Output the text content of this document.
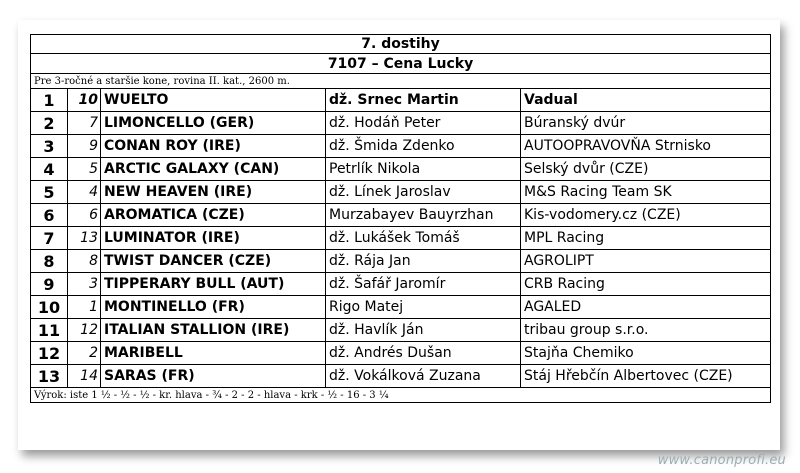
7. dostihy				
7107 – Cena Lucky				
Pre 3-ročné a staršie kone, rovina II. kat., 2600 m.				
1	10	WUELTO	dž. Srnec Martin	Vadual
2	7	LIMONCELLO (GER)	dž. Hodáň Peter	Búranský dvúr
3	9	CONAN ROY (IRE)	dž. Šmida Zdenko	AUTOOPRAVOVŇA Strnisko
4	5	ARCTIC GALAXY (CAN)	Petrlík Nikola	Selský dvůr (CZE)
5	4	NEW HEAVEN (IRE)	dž. Línek Jaroslav	M&S Racing Team SK
6	6	AROMATICA (CZE)	Murzabayev Bauyrzhan	Kis-vodomery.cz (CZE)
7	13	LUMINATOR (IRE)	dž. Lukášek Tomáš	MPL Racing
8	8	TWIST DANCER (CZE)	dž. Rája Jan	AGROLIPT
9	3	TIPPERARY BULL (AUT)	dž. Šafář Jaromír	CRB Racing
10	1	MONTINELLO (FR)	Rigo Matej	AGALED
11	12	ITALIAN STALLION (IRE)	dž. Havlík Ján	tribau group s.r.o.
12	2	MARIBELL	dž. Andrés Dušan	Stajňa Chemiko
13	14	SARAS (FR)	dž. Vokálková Zuzana	Stáj Hřebčín Albertovec (CZE)
Výrok: iste 1 ½ - ½ - ½ - kr. hlava - ¾ - 2 - 2 - hlava - krk - ½ - 16 - 3 ¼				
www.canonprofi.eu
